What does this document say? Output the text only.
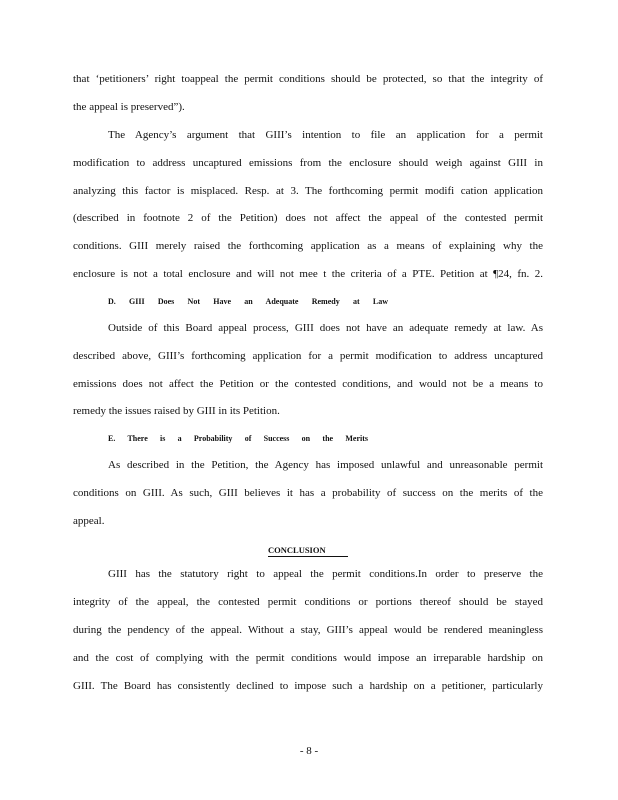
that ‘petitioners’ right toappeal the permit conditions should be protected, so that the integrity of
the appeal is preserved”).
The Agency’s argument that GIII’s intention to file an application for a permit
modification to address uncaptured emissions from the enclosure should weigh against GIII in
analyzing this factor is misplaced. Resp. at 3. The forthcoming permit modifi cation application
(described in footnote 2 of the Petition) does not affect the appeal of the contested permit
conditions. GIII merely raised the forthcoming application as a means of explaining why the
enclosure is not a total enclosure and will not mee t the criteria of a PTE. Petition at ¶24, fn. 2.
D. GIII Does Not Have an Adequate Remedy at Law
Outside of this Board appeal process, GIII does not have an adequate remedy at law. As
described above, GIII’s forthcoming application for a permit modification to address uncaptured
emissions does not affect the Petition or the contested conditions, and would not be a means to
remedy the issues raised by GIII in its Petition.
E. There is a Probability of Success on the Merits
As described in the Petition, the Agency has imposed unlawful and unreasonable permit
conditions on GIII. As such, GIII believes it has a probability of success on the merits of the
appeal.
CONCLUSION
GIII has the statutory right to appeal the permit conditions.In order to preserve the
integrity of the appeal, the contested permit conditions or portions thereof should be stayed
during the pendency of the appeal. Without a stay, GIII’s appeal would be rendered meaningless
and the cost of complying with the permit conditions would impose an irreparable hardship on
GIII. The Board has consistently declined to impose such a hardship on a petitioner, particularly
- 8 -
